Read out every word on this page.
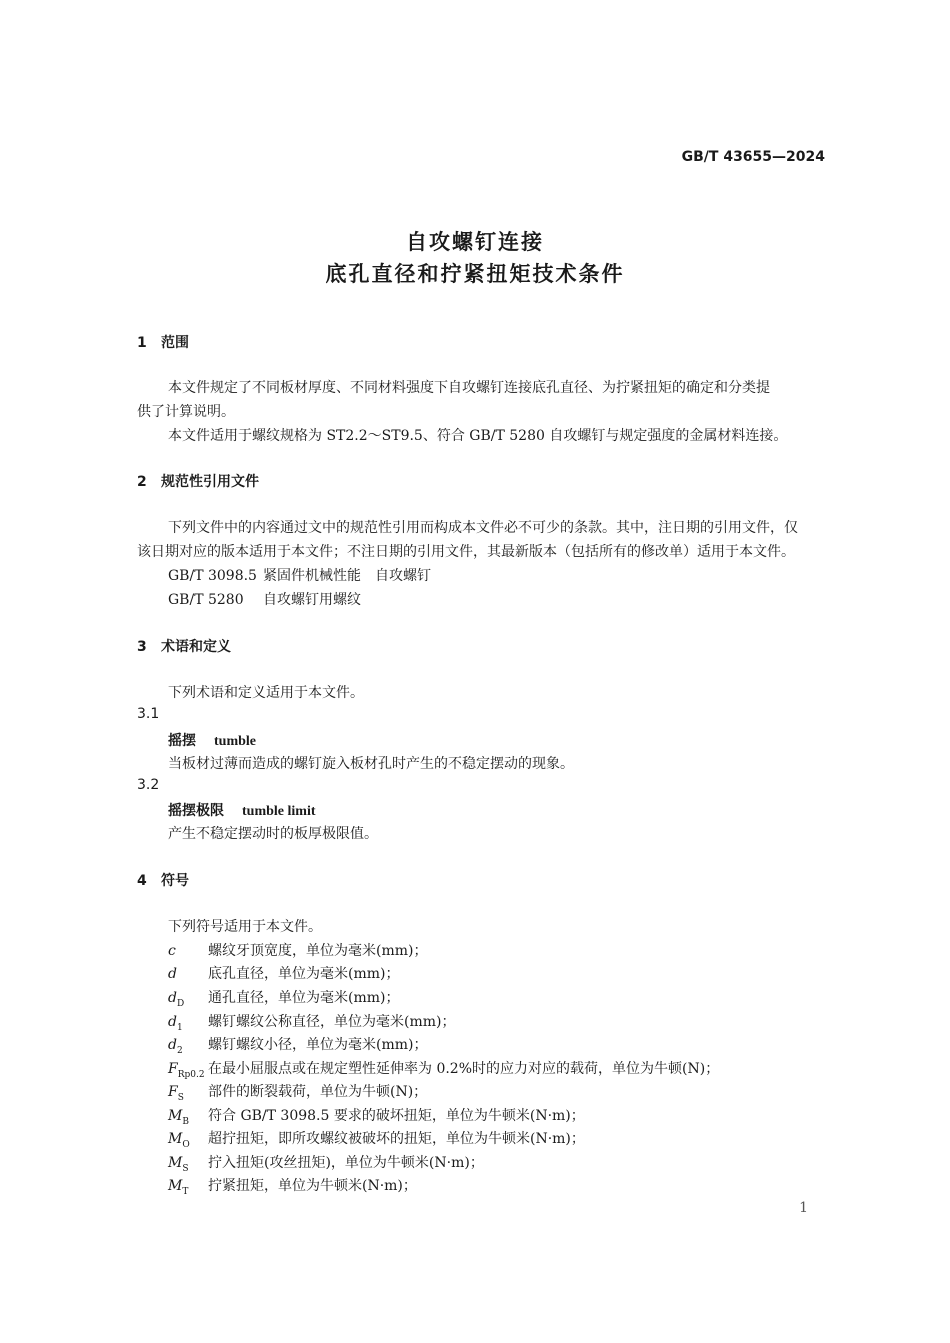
GB/T 43655—2024
自攻螺钉连接
底孔直径和拧紧扭矩技术条件
1 范围
本文件规定了不同板材厚度、不同材料强度下自攻螺钉连接底孔直径、为拧紧扭矩的确定和分类提
供了计算说明。
本文件适用于螺纹规格为 ST2.2～ST9.5、符合 GB/T 5280 自攻螺钉与规定强度的金属材料连接。
2 规范性引用文件
下列文件中的内容通过文中的规范性引用而构成本文件必不可少的条款。其中，注日期的引用文件，仅
该日期对应的版本适用于本文件；不注日期的引用文件，其最新版本（包括所有的修改单）适用于本文件。
GB/T 3098.5 紧固件机械性能　自攻螺钉
GB/T 5280 自攻螺钉用螺纹
3 术语和定义
下列术语和定义适用于本文件。
3.1
摇摆 tumble
当板材过薄而造成的螺钉旋入板材孔时产生的不稳定摆动的现象。
3.2
摇摆极限 tumble limit
产生不稳定摆动时的板厚极限值。
4 符号
下列符号适用于本文件。
c 螺纹牙顶宽度，单位为毫米(mm)；
d 底孔直径，单位为毫米(mm)；
$d_D$ 通孔直径，单位为毫米(mm)；
$d_1$ 螺钉螺纹公称直径，单位为毫米(mm)；
$d_2$ 螺钉螺纹小径，单位为毫米(mm)；
$F_{Rp0.2}$ 在最小屈服点或在规定塑性延伸率为 0.2%时的应力对应的载荷，单位为牛顿(N)；
$F_S$ 部件的断裂载荷，单位为牛顿(N)；
$M_B$ 符合 GB/T 3098.5 要求的破坏扭矩，单位为牛顿米(N·m)；
$M_O$ 超拧扭矩，即所攻螺纹被破坏的扭矩，单位为牛顿米(N·m)；
$M_S$ 拧入扭矩(攻丝扭矩)，单位为牛顿米(N·m)；
$M_T$ 拧紧扭矩，单位为牛顿米(N·m)；
1
